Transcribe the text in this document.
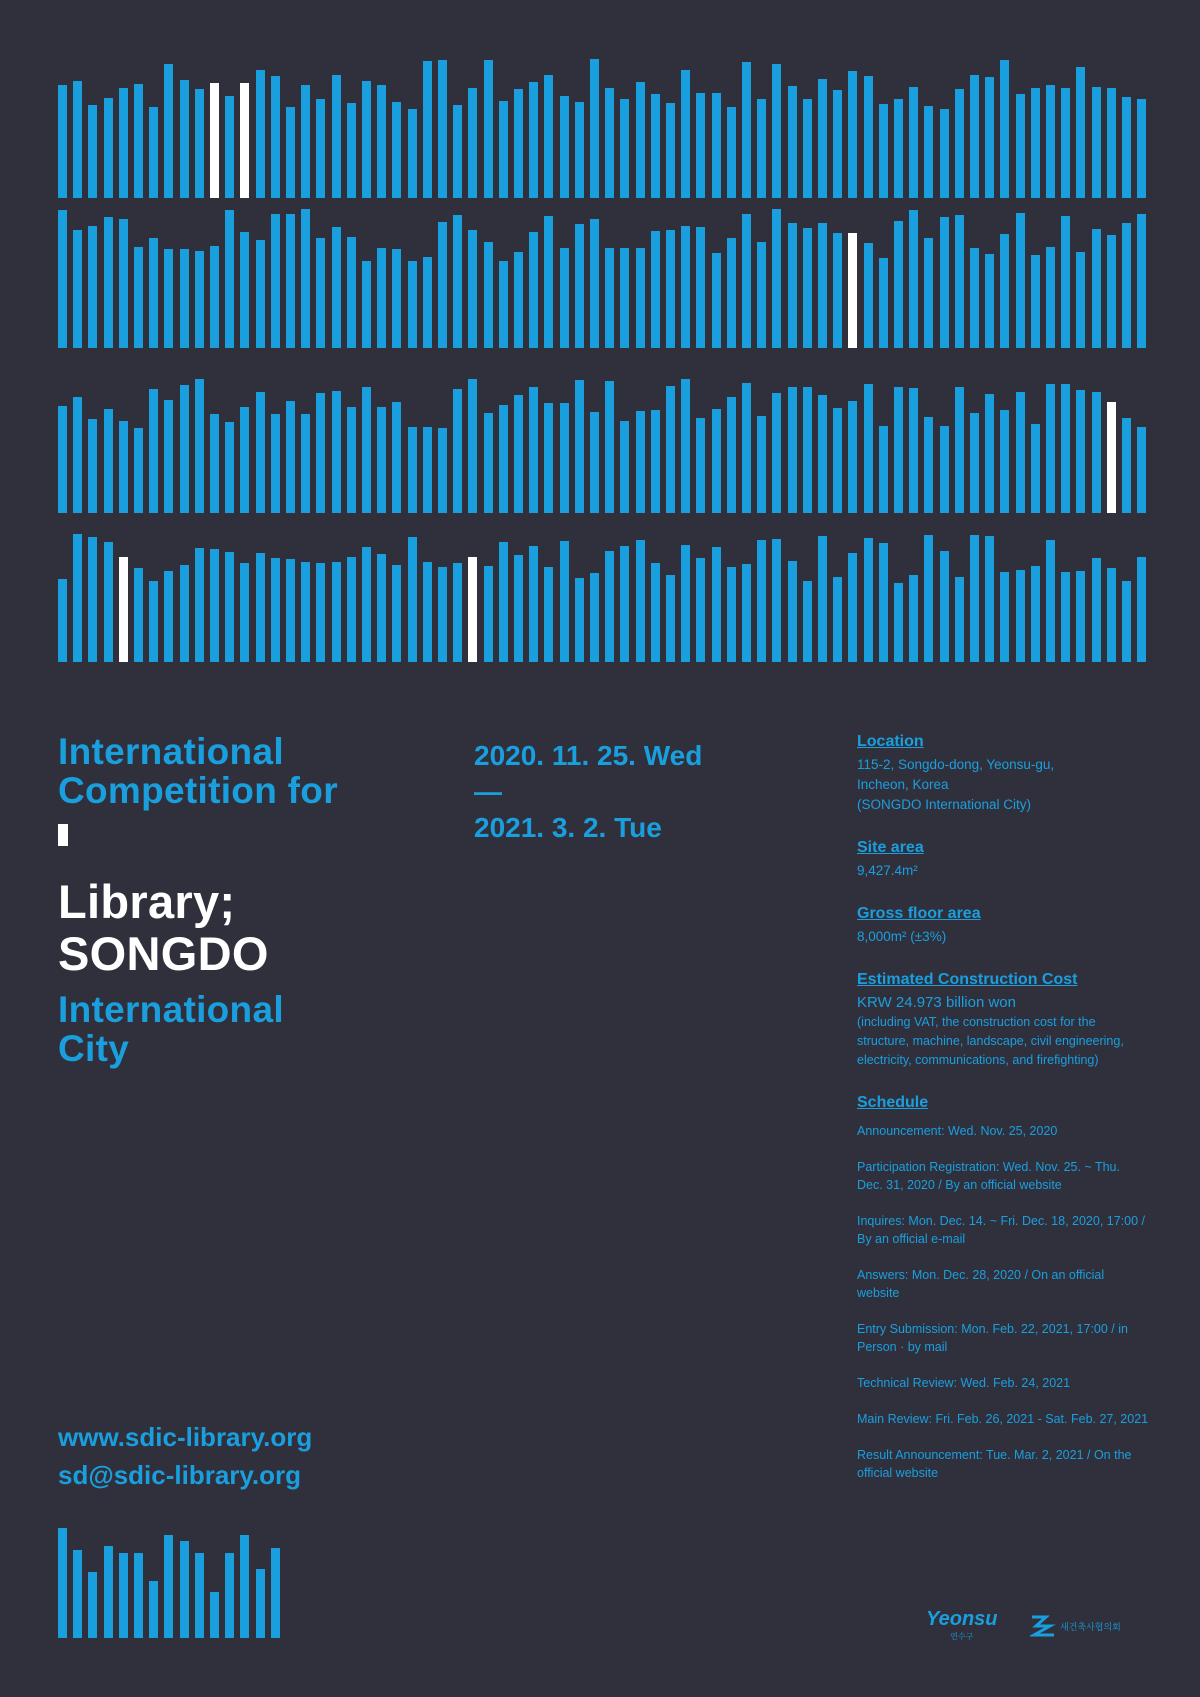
International
Competition for
Library;
SONGDO
International
City
2020. 11. 25. Wed
—
2021. 3. 2. Tue
www.sdic-library.org
sd@sdic-library.org
Location
115-2, Songdo-dong, Yeonsu-gu,
Incheon, Korea
(SONGDO International City)
Site area
9,427.4m²
Gross floor area
8,000m² (±3%)
Estimated Construction Cost
KRW 24.973 billion won
(including VAT, the construction cost for the structure, machine, landscape, civil engineering, electricity, communications, and firefighting)
Schedule
Announcement: Wed. Nov. 25, 2020
Participation Registration: Wed. Nov. 25. ~ Thu. Dec. 31, 2020 / By an official website
Inquires: Mon. Dec. 14. ~ Fri. Dec. 18, 2020, 17:00 / By an official e-mail
Answers: Mon. Dec. 28, 2020 / On an official website
Entry Submission: Mon. Feb. 22, 2021, 17:00 / in Person · by mail
Technical Review: Wed. Feb. 24, 2021
Main Review: Fri. Feb. 26, 2021 - Sat. Feb. 27, 2021
Result Announcement: Tue. Mar. 2, 2021 / On the official website
Yeonsu
연수구
새건축사협의회
